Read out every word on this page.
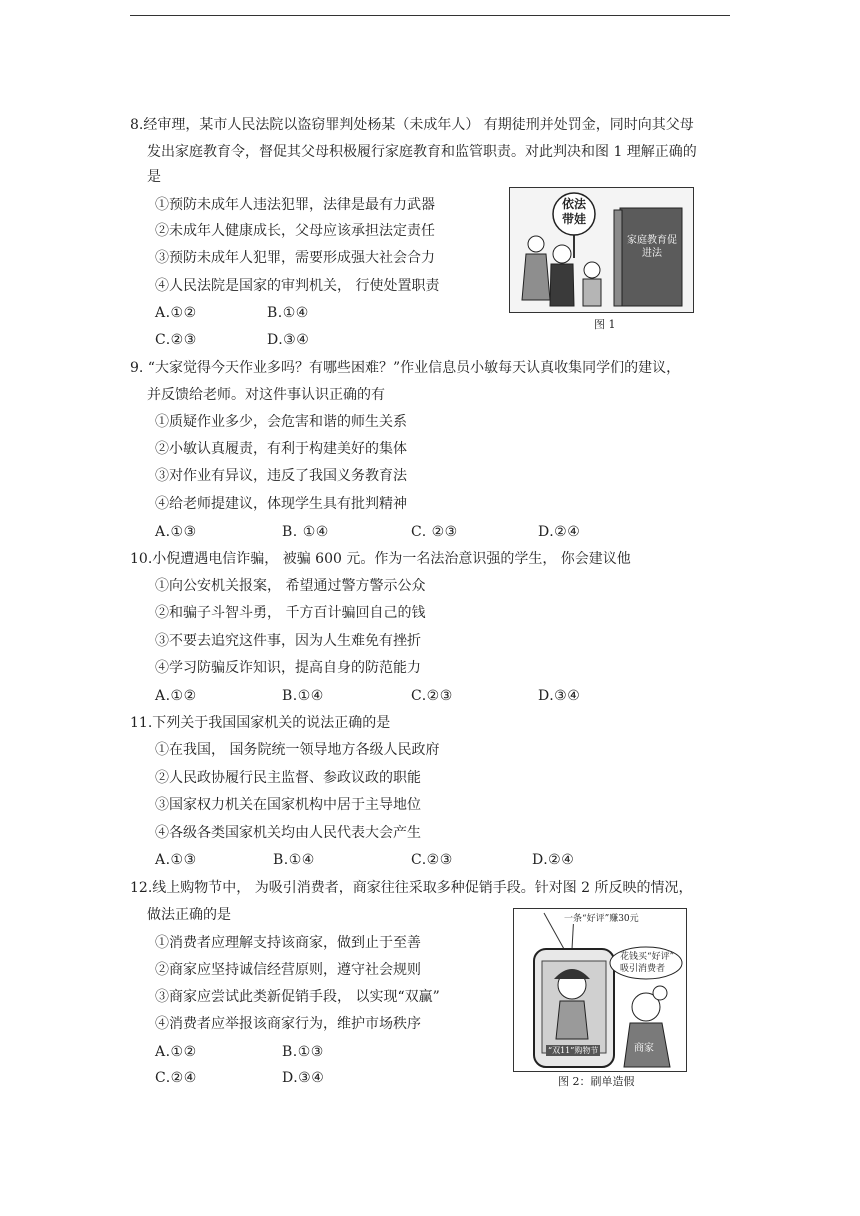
8.经审理，某市人民法院以盗窃罪判处杨某（未成年人） 有期徒刑并处罚金，同时向其父母
发出家庭教育令，督促其父母积极履行家庭教育和监管职责。对此判决和图 1 理解正确的
是
①预防未成年人违法犯罪，法律是最有力武器
②未成年人健康成长，父母应该承担法定责任
③预防未成年人犯罪，需要形成强大社会合力
④人民法院是国家的审判机关， 行使处置职责
A.①②	B.①④
C.②③	D.③④
依法带娃
家庭教育促进法
图 1
9. “大家觉得今天作业多吗？有哪些困难？”作业信息员小敏每天认真收集同学们的建议，
并反馈给老师。对这件事认识正确的有
①质疑作业多少，会危害和谐的师生关系
②小敏认真履责，有利于构建美好的集体
③对作业有异议，违反了我国义务教育法
④给老师提建议，体现学生具有批判精神
A.①③	B. ①④	C. ②③	D.②④
10.小倪遭遇电信诈骗， 被骗 600 元。作为一名法治意识强的学生， 你会建议他
①向公安机关报案， 希望通过警方警示公众
②和骗子斗智斗勇， 千方百计骗回自己的钱
③不要去追究这件事，因为人生难免有挫折
④学习防骗反诈知识，提高自身的防范能力
A.①②	B.①④	C.②③	D.③④
11.下列关于我国国家机关的说法正确的是
①在我国， 国务院统一领导地方各级人民政府
②人民政协履行民主监督、参政议政的职能
③国家权力机关在国家机构中居于主导地位
④各级各类国家机关均由人民代表大会产生
A.①③	B.①④	C.②③	D.②④
12.线上购物节中， 为吸引消费者，商家往往采取多种促销手段。针对图 2 所反映的情况，
做法正确的是
①消费者应理解支持该商家，做到止于至善
②商家应坚持诚信经营原则，遵守社会规则
③商家应尝试此类新促销手段， 以实现“双赢”
④消费者应举报该商家行为，维护市场秩序
A.①②	B.①③
C.②④	D.③④
一条“好评”赚30元
花钱买“好评”
吸引消费者
“双11”购物节	商家
图 2：刷单造假
